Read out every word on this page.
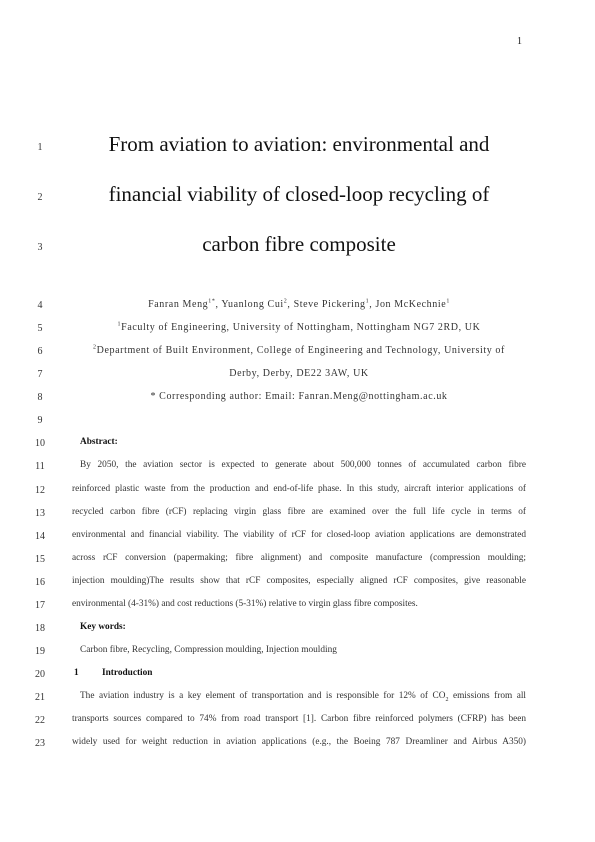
1
1
2
3
4
5
6
7
8
9
10
11
12
13
14
15
16
17
18
19
20
21
22
23
From aviation to aviation: environmental and
financial viability of closed-loop recycling of
carbon fibre composite
Fanran Meng$^{1*}$, Yuanlong Cui$^2$, Steve Pickering$^1$, Jon McKechnie$^1$
$^1$Faculty of Engineering, University of Nottingham, Nottingham NG7 2RD, UK
$^2$Department of Built Environment, College of Engineering and Technology, University of
Derby, Derby, DE22 3AW, UK
* Corresponding author: Email: Fanran.Meng@nottingham.ac.uk
Abstract:
By 2050, the aviation sector is expected to generate about 500,000 tonnes of accumulated carbon fibre
reinforced plastic waste from the production and end-of-life phase. In this study, aircraft interior applications of
recycled carbon fibre (rCF) replacing virgin glass fibre are examined over the full life cycle in terms of
environmental and financial viability. The viability of rCF for closed-loop aviation applications are demonstrated
across rCF conversion (papermaking; fibre alignment) and composite manufacture (compression moulding;
injection moulding)The results show that rCF composites, especially aligned rCF composites, give reasonable
environmental (4-31%) and cost reductions (5-31%) relative to virgin glass fibre composites.
Key words:
Carbon fibre, Recycling, Compression moulding, Injection moulding
1	Introduction
The aviation industry is a key element of transportation and is responsible for 12% of $CO_2$ emissions from all
transports sources compared to 74% from road transport [1]. Carbon fibre reinforced polymers (CFRP) has been
widely used for weight reduction in aviation applications (e.g., the Boeing 787 Dreamliner and Airbus A350)
